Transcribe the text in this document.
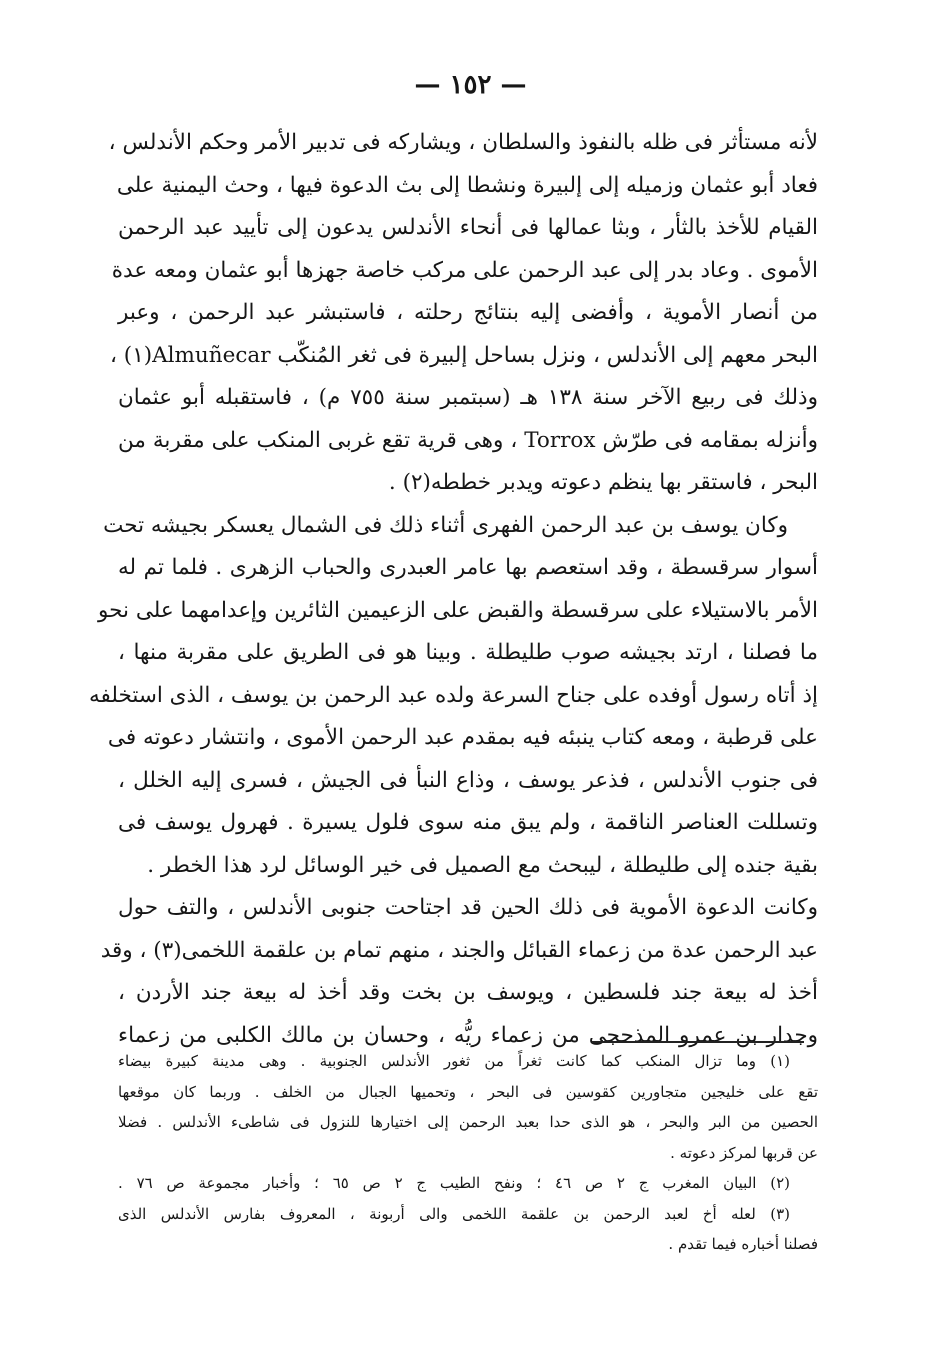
— ١٥٢ —
لأنه مستأثر فى ظله بالنفوذ والسلطان ، ويشاركه فى تدبير الأمر وحكم الأندلس ،
فعاد أبو عثمان وزميله إلى إلبيرة ونشطا إلى بث الدعوة فيها ، وحث اليمنية على
القيام للأخذ بالثأر ، وبثا عمالها فى أنحاء الأندلس يدعون إلى تأييد عبد الرحمن
الأموى . وعاد بدر إلى عبد الرحمن على مركب خاصة جهزها أبو عثمان ومعه عدة
من أنصار الأموية ، وأفضى إليه بنتائج رحلته ، فاستبشر عبد الرحمن ، وعبر
البحر معهم إلى الأندلس ، ونزل بساحل إلبيرة فى ثغر المُنكّب Almuñecar(١) ،
وذلك فى ربيع الآخر سنة ١٣٨ هـ (سبتمبر سنة ٧٥٥ م) ، فاستقبله أبو عثمان
وأنزله بمقامه فى طرّش Torrox ، وهى قرية تقع غربى المنكب على مقربة من
البحر ، فاستقر بها ينظم دعوته ويدبر خططه(٢) .
وكان يوسف بن عبد الرحمن الفهرى أثناء ذلك فى الشمال يعسكر بجيشه تحت
أسوار سرقسطة ، وقد استعصم بها عامر العبدرى والحباب الزهرى . فلما تم له
الأمر بالاستيلاء على سرقسطة والقبض على الزعيمين الثائرين وإعدامهما على نحو
ما فصلنا ، ارتد بجيشه صوب طليطلة . وبينا هو فى الطريق على مقربة منها ،
إذ أتاه رسول أوفده على جناح السرعة ولده عبد الرحمن بن يوسف ، الذى استخلفه
على قرطبة ، ومعه كتاب ينبئه فيه بمقدم عبد الرحمن الأموى ، وانتشار دعوته فى
فى جنوب الأندلس ، فذعر يوسف ، وذاع النبأ فى الجيش ، فسرى إليه الخلل ،
وتسللت العناصر الناقمة ، ولم يبق منه سوى فلول يسيرة . فهرول يوسف فى
بقية جنده إلى طليطلة ، ليبحث مع الصميل فى خير الوسائل لرد هذا الخطر .
وكانت الدعوة الأموية فى ذلك الحين قد اجتاحت جنوبى الأندلس ، والتف حول
عبد الرحمن عدة من زعماء القبائل والجند ، منهم تمام بن علقمة اللخمى(٣) ، وقد
أخذ له بيعة جند فلسطين ، ويوسف بن بخت وقد أخذ له بيعة جند الأردن ،
وجدار بن عمرو المذحجى من زعماء ريُّه ، وحسان بن مالك الكلبى من زعماء
(١) وما تزال المنكب كما كانت ثغراً من ثغور الأندلس الجنوبية . وهى مدينة كبيرة بيضاء
تقع على خليجين متجاورين كقوسين فى البحر ، وتحميها الجبال من الخلف . وربما كان موقعها
الحصين من البر والبحر ، هو الذى حدا بعبد الرحمن إلى اختيارها للنزول فى شاطىء الأندلس . فضلا
عن قربها لمركز دعوته .
(٢) البيان المغرب ج ٢ ص ٤٦ ؛ ونفح الطيب ج ٢ ص ٦٥ ؛ وأخبار مجموعة ص ٧٦ .
(٣) لعله أخ لعبد الرحمن بن علقمة اللخمى والى أربونة ، المعروف بفارس الأندلس الذى
فصلنا أخباره فيما تقدم .
